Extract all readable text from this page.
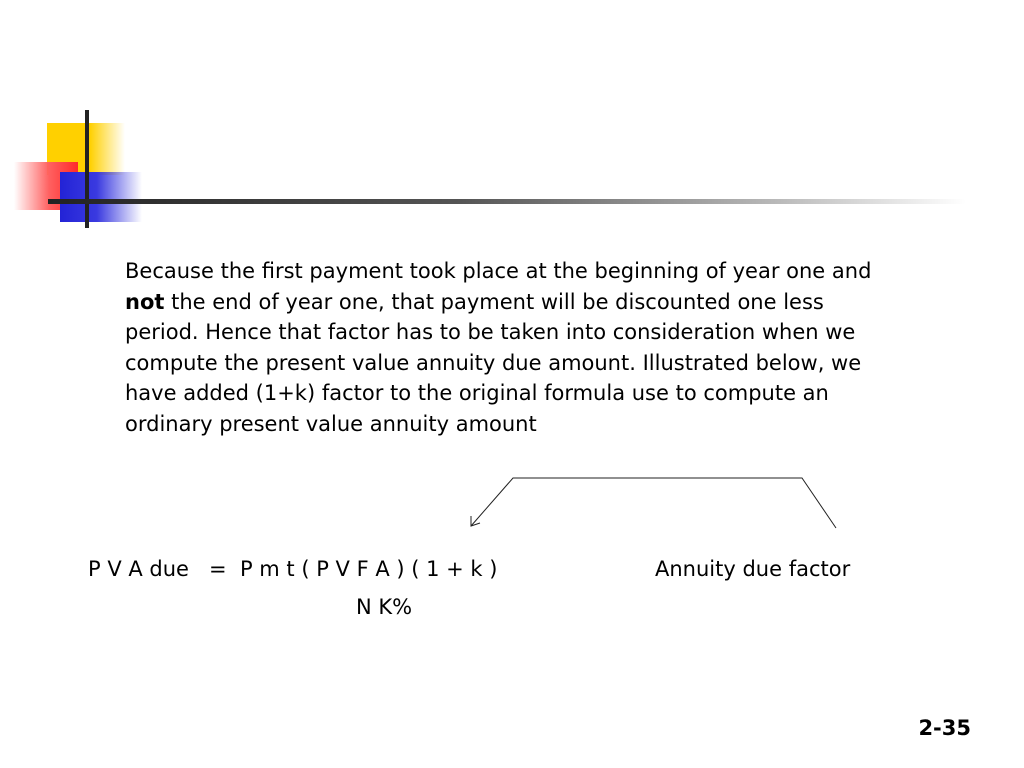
Because the first payment took place at the beginning of year one and
not the end of year one, that payment will be discounted one less
period. Hence that factor has to be taken into consideration when we
compute the present value annuity due amount. Illustrated below, we
have added (1+k) factor to the original formula use to compute an
ordinary present value annuity amount
P V A due   =  P m t ( P V F A ) ( 1 + k )
N K%
Annuity due factor
2-35
